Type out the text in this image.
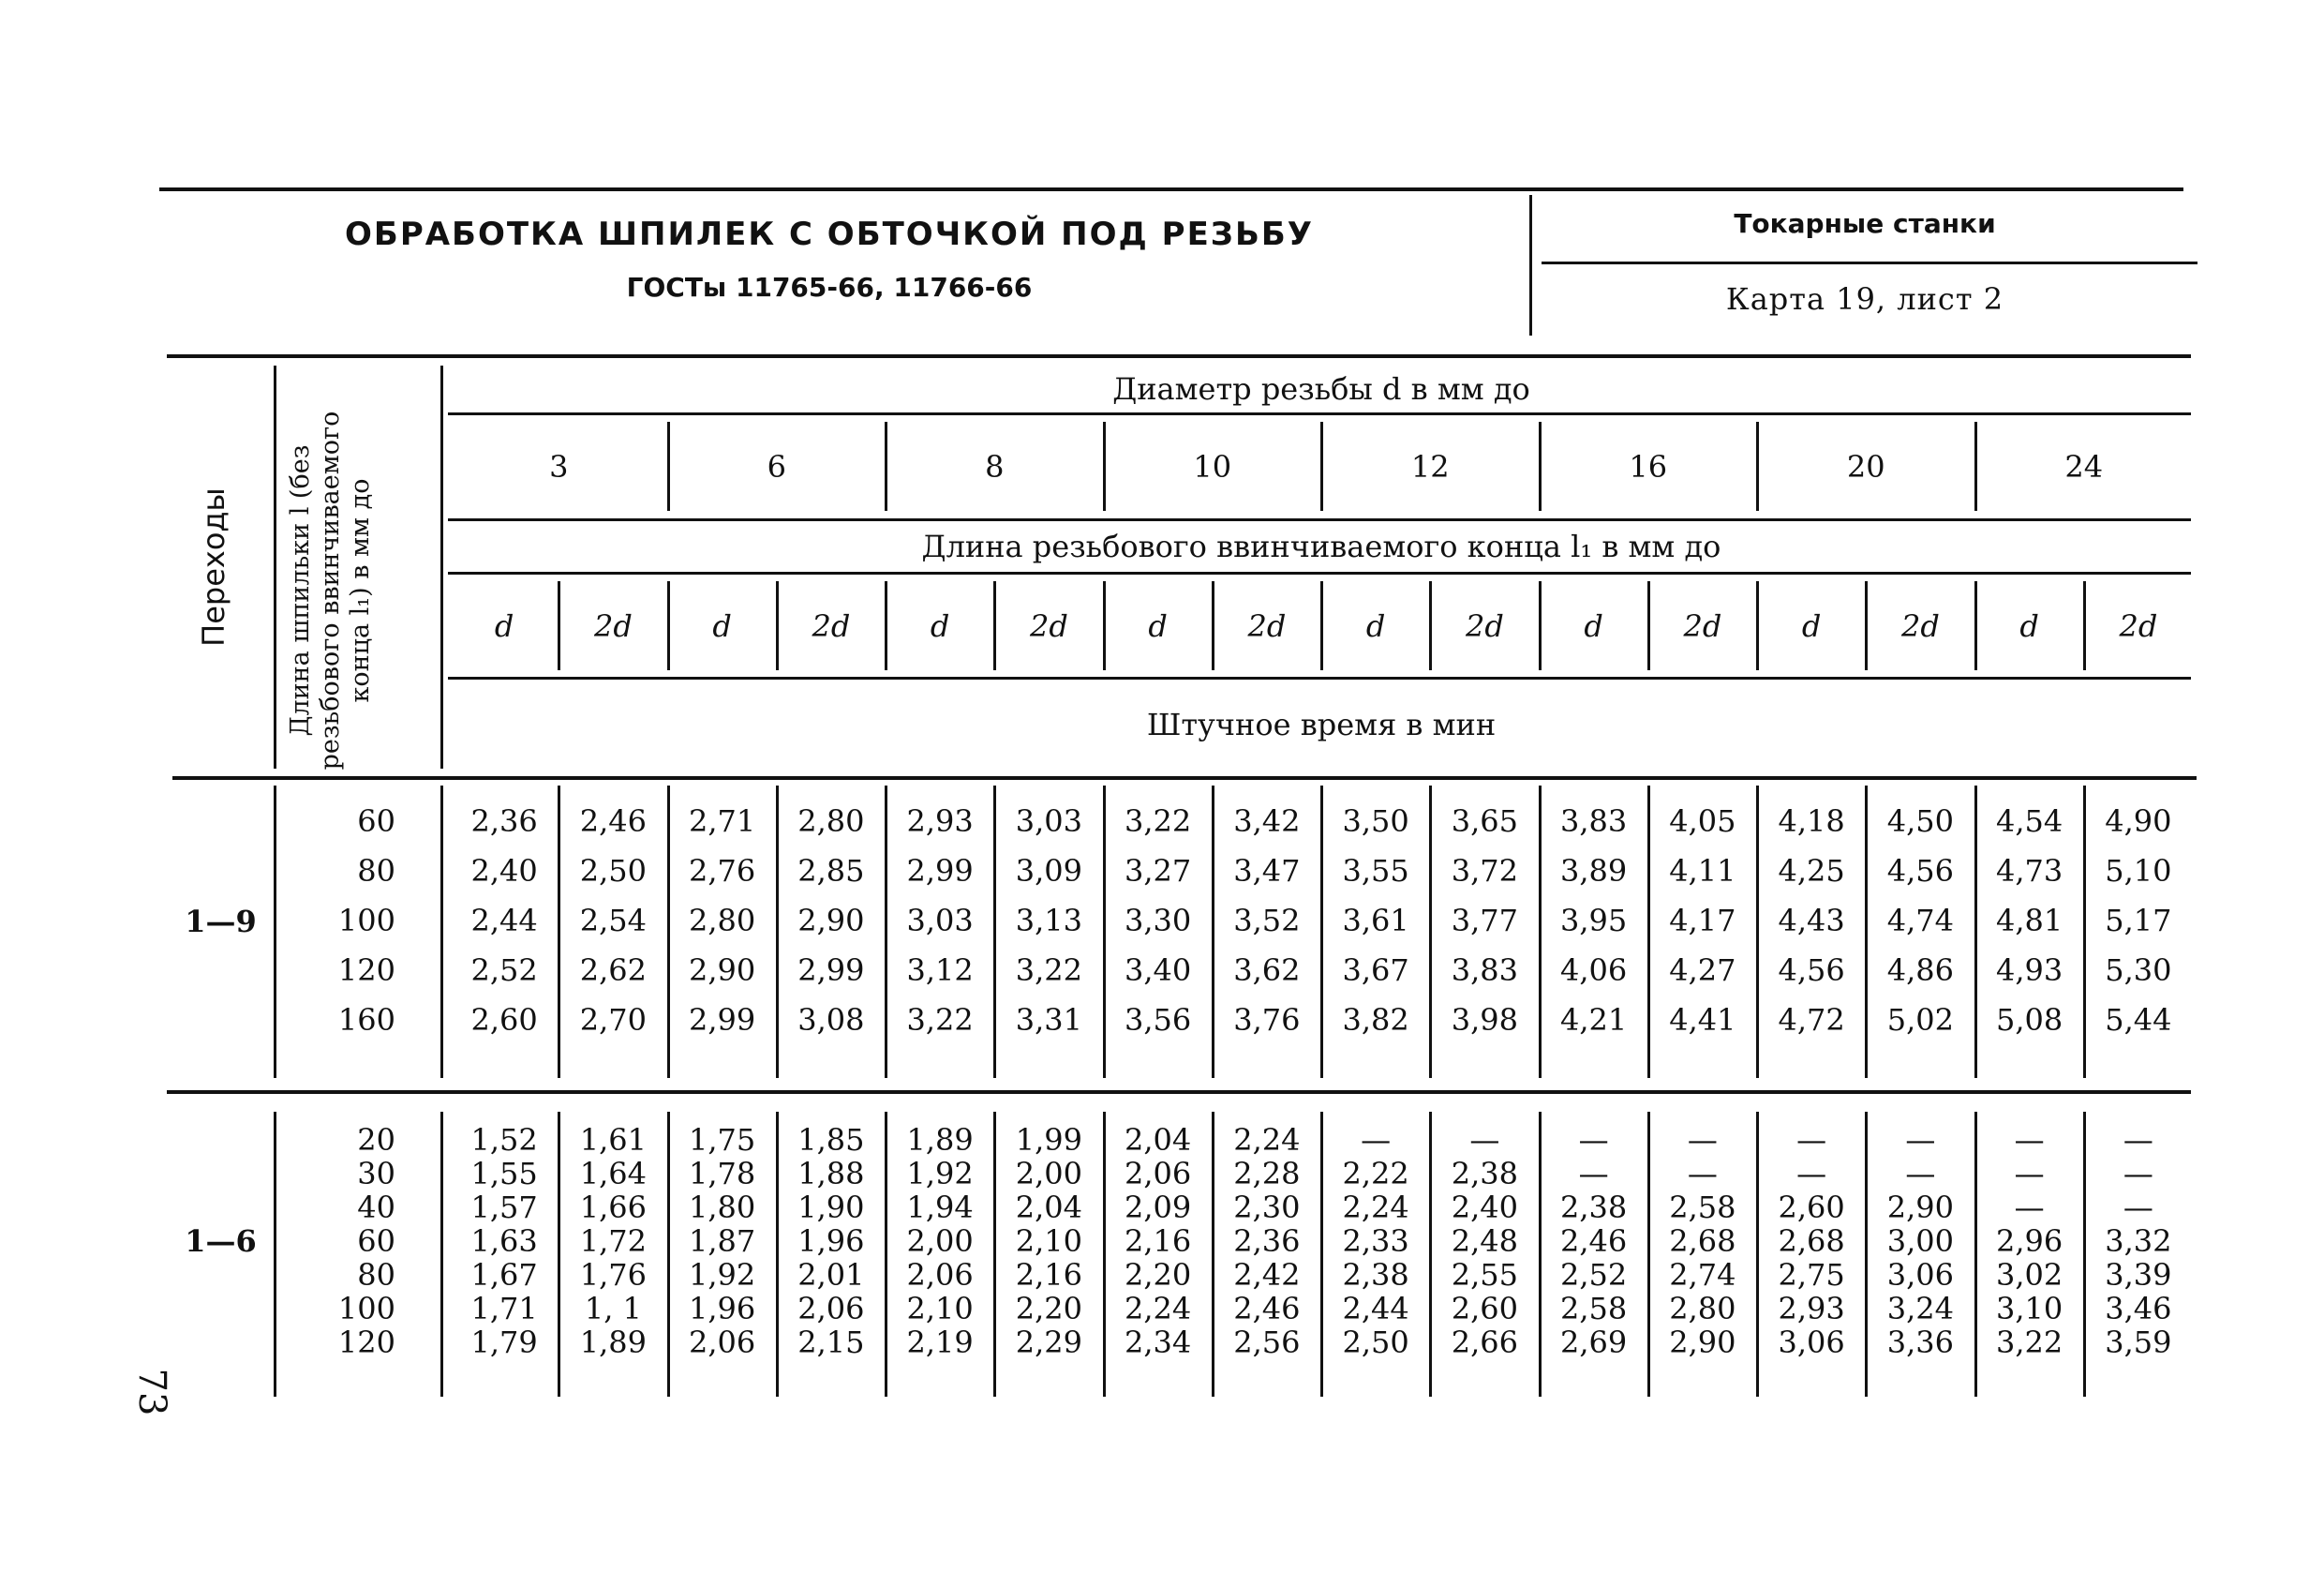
ОБРАБОТКА ШПИЛЕК С ОБТОЧКОЙ ПОД РЕЗЬБУ
ГОСТы 11765-66, 11766-66
Токарные станки
Карта 19, лист 2
Переходы Длина шпильки l (без резьбового ввинчиваемого конца l₁) в мм до
Диаметр резьбы d в мм до
3	6	8	10	12	16	20	24
Длина резьбового ввинчиваемого конца l₁ в мм до
d	2d	d	2d	d	2d	d	2d	d	2d	d	2d	d	2d	d	2d
Штучное время в мин
1—9
60	2,36	2,46	2,71	2,80	2,93	3,03	3,22	3,42	3,50	3,65	3,83	4,05	4,18	4,50	4,54	4,90
80	2,40	2,50	2,76	2,85	2,99	3,09	3,27	3,47	3,55	3,72	3,89	4,11	4,25	4,56	4,73	5,10
100	2,44	2,54	2,80	2,90	3,03	3,13	3,30	3,52	3,61	3,77	3,95	4,17	4,43	4,74	4,81	5,17
120	2,52	2,62	2,90	2,99	3,12	3,22	3,40	3,62	3,67	3,83	4,06	4,27	4,56	4,86	4,93	5,30
160	2,60	2,70	2,99	3,08	3,22	3,31	3,56	3,76	3,82	3,98	4,21	4,41	4,72	5,02	5,08	5,44
1—6
20	1,52	1,61	1,75	1,85	1,89	1,99	2,04	2,24	—	—	—	—	—	—	—	—
30	1,55	1,64	1,78	1,88	1,92	2,00	2,06	2,28	2,22	2,38	—	—	—	—	—	—
40	1,57	1,66	1,80	1,90	1,94	2,04	2,09	2,30	2,24	2,40	2,38	2,58	2,60	2,90	—	—
60	1,63	1,72	1,87	1,96	2,00	2,10	2,16	2,36	2,33	2,48	2,46	2,68	2,68	3,00	2,96	3,32
80	1,67	1,76	1,92	2,01	2,06	2,16	2,20	2,42	2,38	2,55	2,52	2,74	2,75	3,06	3,02	3,39
100	1,71	1, 1	1,96	2,06	2,10	2,20	2,24	2,46	2,44	2,60	2,58	2,80	2,93	3,24	3,10	3,46
120	1,79	1,89	2,06	2,15	2,19	2,29	2,34	2,56	2,50	2,66	2,69	2,90	3,06	3,36	3,22	3,59
73
